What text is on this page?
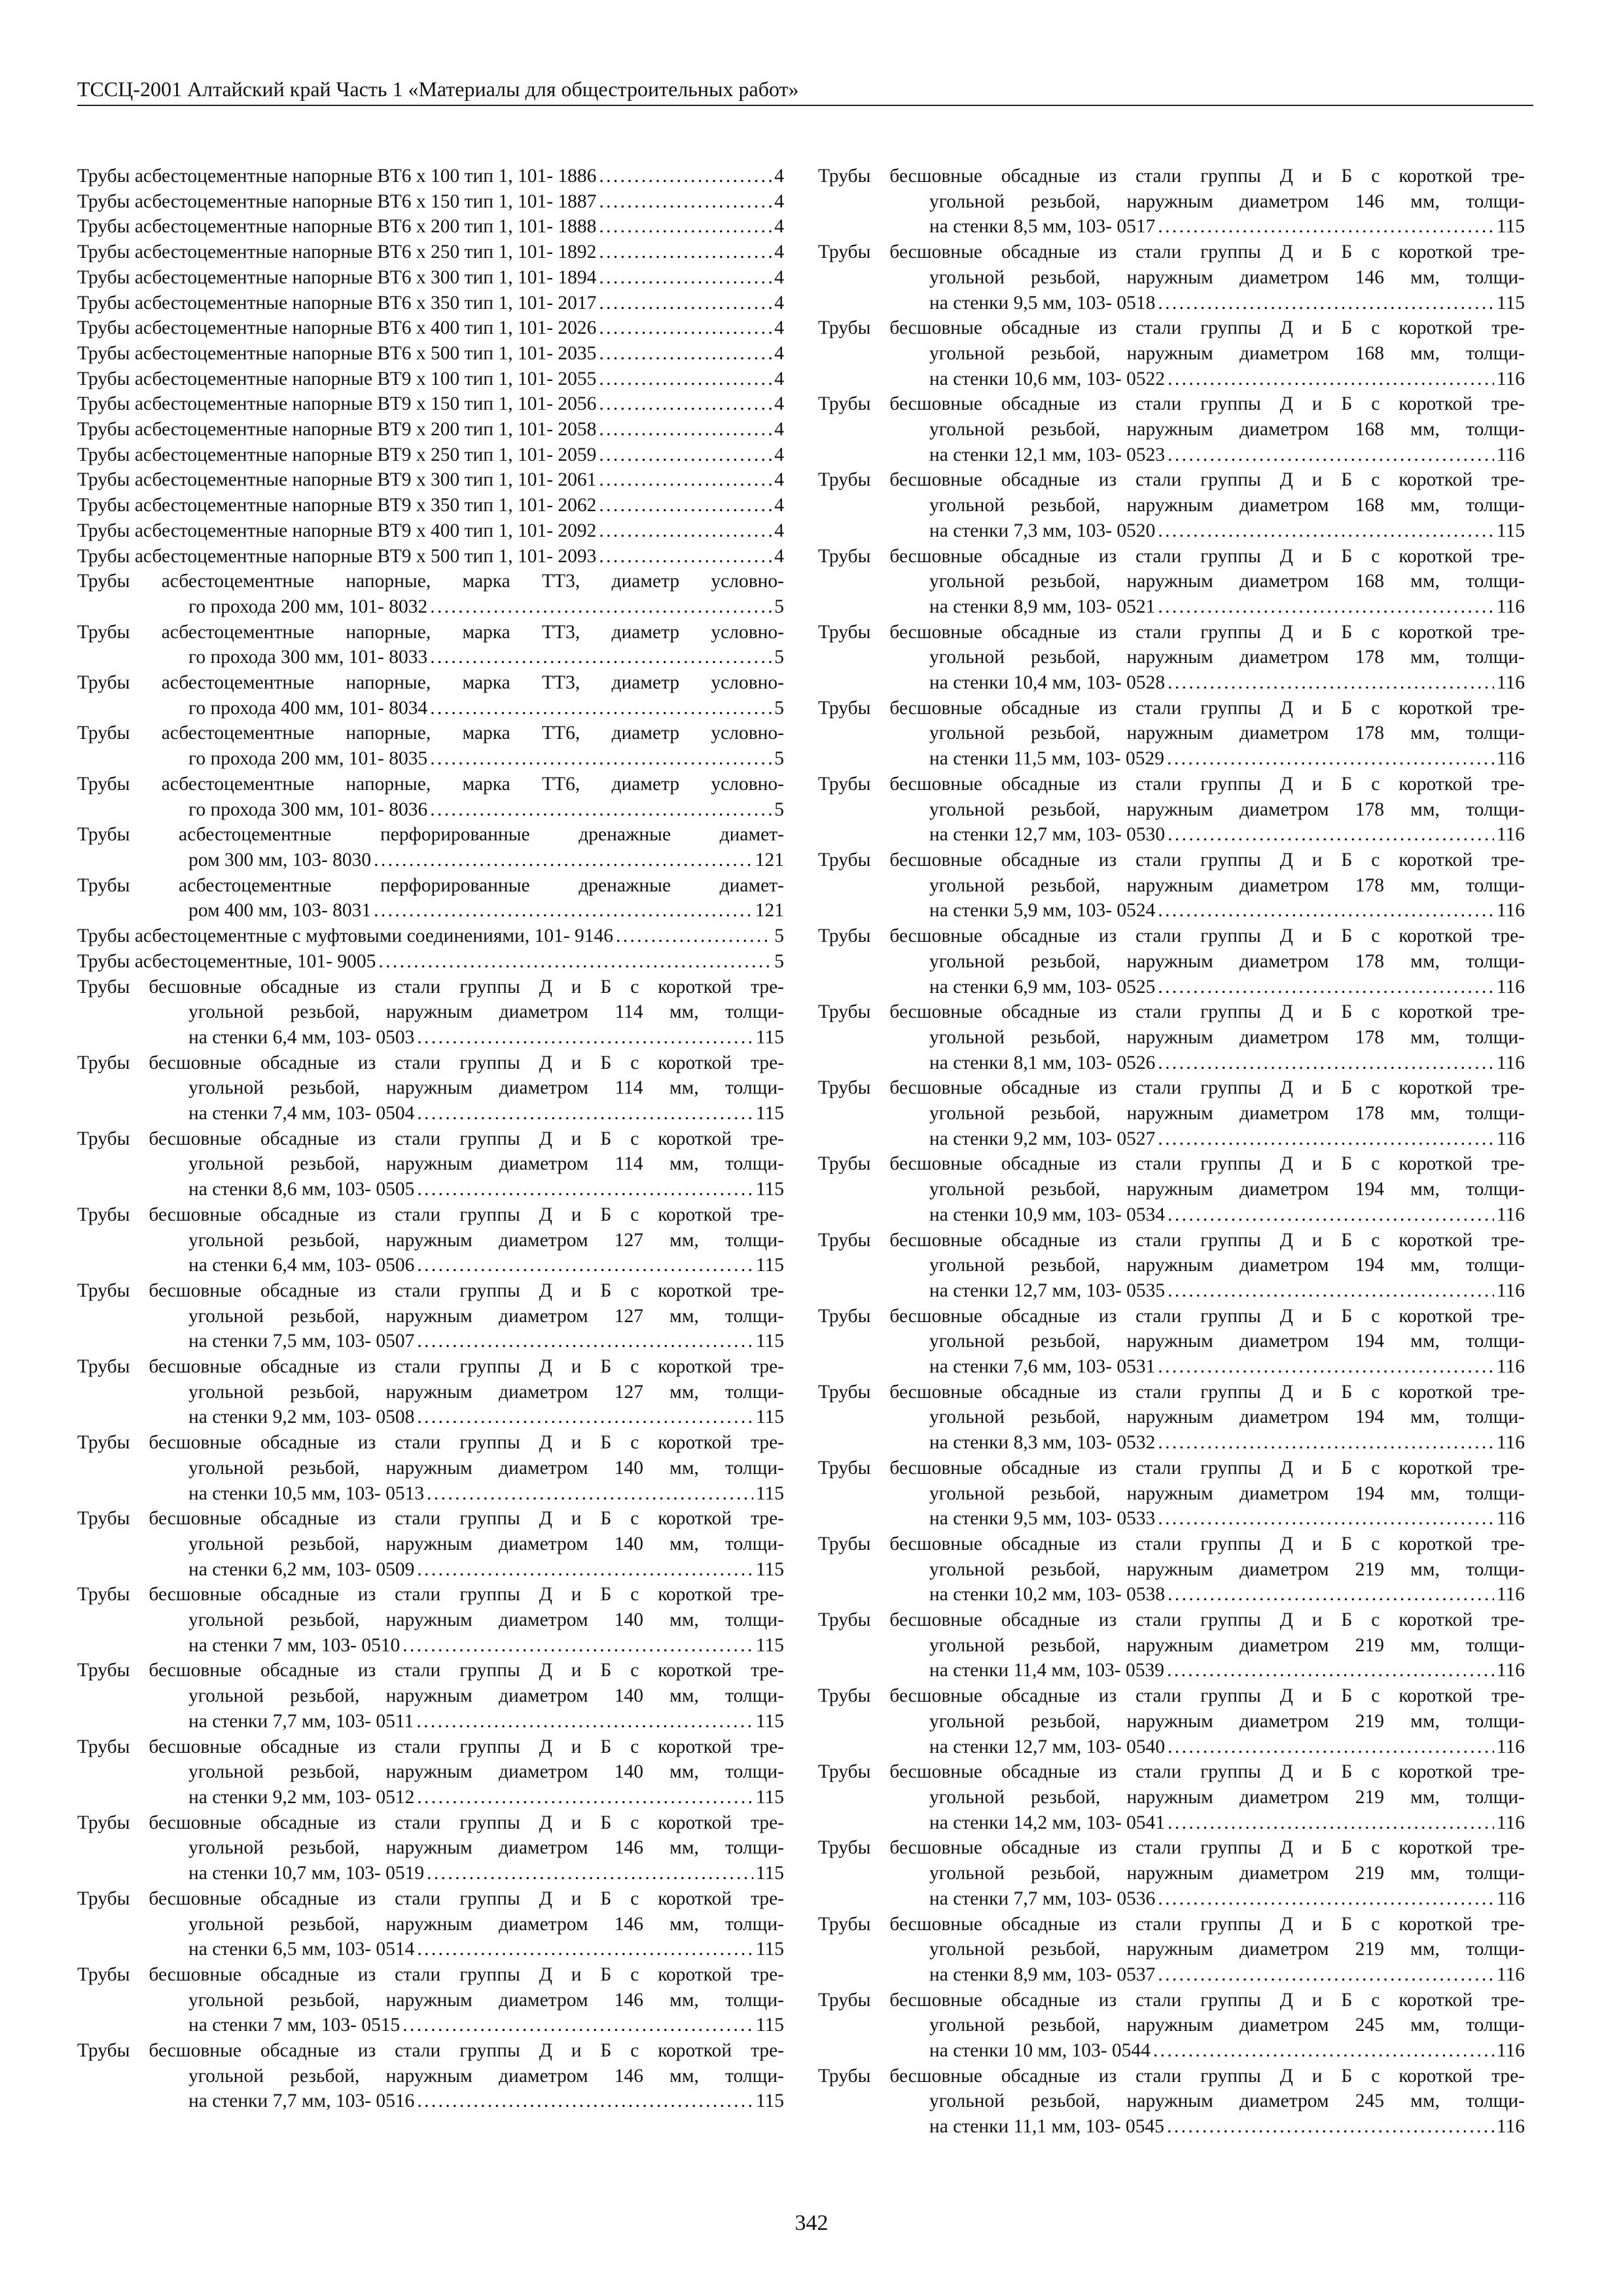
ТССЦ-2001 Алтайский край Часть 1 «Материалы для общестроительных работ»
Трубы асбестоцементные напорные ВТ6 х 100 тип 1, 101- 1886 . . .	4
Трубы асбестоцементные напорные ВТ6 х 150 тип 1, 101- 1887 . . .	4
Трубы асбестоцементные напорные ВТ6 х 200 тип 1, 101- 1888 . . .	4
Трубы асбестоцементные напорные ВТ6 х 250 тип 1, 101- 1892 . . .	4
Трубы асбестоцементные напорные ВТ6 х 300 тип 1, 101- 1894 . . .	4
Трубы асбестоцементные напорные ВТ6 х 350 тип 1, 101- 2017 . . .	4
Трубы асбестоцементные напорные ВТ6 х 400 тип 1, 101- 2026 . . .	4
Трубы асбестоцементные напорные ВТ6 х 500 тип 1, 101- 2035 . . .	4
Трубы асбестоцементные напорные ВТ9 х 100 тип 1, 101- 2055 . . .	4
Трубы асбестоцементные напорные ВТ9 х 150 тип 1, 101- 2056 . . .	4
Трубы асбестоцементные напорные ВТ9 х 200 тип 1, 101- 2058 . . .	4
Трубы асбестоцементные напорные ВТ9 х 250 тип 1, 101- 2059 . . .	4
Трубы асбестоцементные напорные ВТ9 х 300 тип 1, 101- 2061 . . .	4
Трубы асбестоцементные напорные ВТ9 х 350 тип 1, 101- 2062 . . .	4
Трубы асбестоцементные напорные ВТ9 х 400 тип 1, 101- 2092 . . .	4
Трубы асбестоцементные напорные ВТ9 х 500 тип 1, 101- 2093 . . .	4
Трубы асбестоцементные напорные, марка ТТ3, диаметр условно-
го прохода 200 мм, 101- 8032 . . .	5
Трубы асбестоцементные напорные, марка ТТ3, диаметр условно-
го прохода 300 мм, 101- 8033 . . .	5
Трубы асбестоцементные напорные, марка ТТ3, диаметр условно-
го прохода 400 мм, 101- 8034 . . .	5
Трубы асбестоцементные напорные, марка ТТ6, диаметр условно-
го прохода 200 мм, 101- 8035 . . .	5
Трубы асбестоцементные напорные, марка ТТ6, диаметр условно-
го прохода 300 мм, 101- 8036 . . .	5
Трубы асбестоцементные перфорированные дренажные диамет-
ром 300 мм, 103- 8030 . . .	121
Трубы асбестоцементные перфорированные дренажные диамет-
ром 400 мм, 103- 8031 . . .	121
Трубы асбестоцементные с муфтовыми соединениями, 101- 9146 . . .	5
Трубы асбестоцементные, 101- 9005 . . .	5
Трубы бесшовные обсадные из стали группы Д и Б с короткой тре-
угольной резьбой, наружным диаметром 114 мм, толщи-
на стенки 6,4 мм, 103- 0503 . . .	115
Трубы бесшовные обсадные из стали группы Д и Б с короткой тре-
угольной резьбой, наружным диаметром 114 мм, толщи-
на стенки 7,4 мм, 103- 0504 . . .	115
Трубы бесшовные обсадные из стали группы Д и Б с короткой тре-
угольной резьбой, наружным диаметром 114 мм, толщи-
на стенки 8,6 мм, 103- 0505 . . .	115
Трубы бесшовные обсадные из стали группы Д и Б с короткой тре-
угольной резьбой, наружным диаметром 127 мм, толщи-
на стенки 6,4 мм, 103- 0506 . . .	115
Трубы бесшовные обсадные из стали группы Д и Б с короткой тре-
угольной резьбой, наружным диаметром 127 мм, толщи-
на стенки 7,5 мм, 103- 0507 . . .	115
Трубы бесшовные обсадные из стали группы Д и Б с короткой тре-
угольной резьбой, наружным диаметром 127 мм, толщи-
на стенки 9,2 мм, 103- 0508 . . .	115
Трубы бесшовные обсадные из стали группы Д и Б с короткой тре-
угольной резьбой, наружным диаметром 140 мм, толщи-
на стенки 10,5 мм, 103- 0513 . . .	115
Трубы бесшовные обсадные из стали группы Д и Б с короткой тре-
угольной резьбой, наружным диаметром 140 мм, толщи-
на стенки 6,2 мм, 103- 0509 . . .	115
Трубы бесшовные обсадные из стали группы Д и Б с короткой тре-
угольной резьбой, наружным диаметром 140 мм, толщи-
на стенки 7 мм, 103- 0510 . . .	115
Трубы бесшовные обсадные из стали группы Д и Б с короткой тре-
угольной резьбой, наружным диаметром 140 мм, толщи-
на стенки 7,7 мм, 103- 0511 . . .	115
Трубы бесшовные обсадные из стали группы Д и Б с короткой тре-
угольной резьбой, наружным диаметром 140 мм, толщи-
на стенки 9,2 мм, 103- 0512 . . .	115
Трубы бесшовные обсадные из стали группы Д и Б с короткой тре-
угольной резьбой, наружным диаметром 146 мм, толщи-
на стенки 10,7 мм, 103- 0519 . . .	115
Трубы бесшовные обсадные из стали группы Д и Б с короткой тре-
угольной резьбой, наружным диаметром 146 мм, толщи-
на стенки 6,5 мм, 103- 0514 . . .	115
Трубы бесшовные обсадные из стали группы Д и Б с короткой тре-
угольной резьбой, наружным диаметром 146 мм, толщи-
на стенки 7 мм, 103- 0515 . . .	115
Трубы бесшовные обсадные из стали группы Д и Б с короткой тре-
угольной резьбой, наружным диаметром 146 мм, толщи-
на стенки 7,7 мм, 103- 0516 . . .	115
Трубы бесшовные обсадные из стали группы Д и Б с короткой тре-
угольной резьбой, наружным диаметром 146 мм, толщи-
на стенки 8,5 мм, 103- 0517 . . .	115
Трубы бесшовные обсадные из стали группы Д и Б с короткой тре-
угольной резьбой, наружным диаметром 146 мм, толщи-
на стенки 9,5 мм, 103- 0518 . . .	115
Трубы бесшовные обсадные из стали группы Д и Б с короткой тре-
угольной резьбой, наружным диаметром 168 мм, толщи-
на стенки 10,6 мм, 103- 0522 . . .	116
Трубы бесшовные обсадные из стали группы Д и Б с короткой тре-
угольной резьбой, наружным диаметром 168 мм, толщи-
на стенки 12,1 мм, 103- 0523 . . .	116
Трубы бесшовные обсадные из стали группы Д и Б с короткой тре-
угольной резьбой, наружным диаметром 168 мм, толщи-
на стенки 7,3 мм, 103- 0520 . . .	115
Трубы бесшовные обсадные из стали группы Д и Б с короткой тре-
угольной резьбой, наружным диаметром 168 мм, толщи-
на стенки 8,9 мм, 103- 0521 . . .	116
Трубы бесшовные обсадные из стали группы Д и Б с короткой тре-
угольной резьбой, наружным диаметром 178 мм, толщи-
на стенки 10,4 мм, 103- 0528 . . .	116
Трубы бесшовные обсадные из стали группы Д и Б с короткой тре-
угольной резьбой, наружным диаметром 178 мм, толщи-
на стенки 11,5 мм, 103- 0529 . . .	116
Трубы бесшовные обсадные из стали группы Д и Б с короткой тре-
угольной резьбой, наружным диаметром 178 мм, толщи-
на стенки 12,7 мм, 103- 0530 . . .	116
Трубы бесшовные обсадные из стали группы Д и Б с короткой тре-
угольной резьбой, наружным диаметром 178 мм, толщи-
на стенки 5,9 мм, 103- 0524 . . .	116
Трубы бесшовные обсадные из стали группы Д и Б с короткой тре-
угольной резьбой, наружным диаметром 178 мм, толщи-
на стенки 6,9 мм, 103- 0525 . . .	116
Трубы бесшовные обсадные из стали группы Д и Б с короткой тре-
угольной резьбой, наружным диаметром 178 мм, толщи-
на стенки 8,1 мм, 103- 0526 . . .	116
Трубы бесшовные обсадные из стали группы Д и Б с короткой тре-
угольной резьбой, наружным диаметром 178 мм, толщи-
на стенки 9,2 мм, 103- 0527 . . .	116
Трубы бесшовные обсадные из стали группы Д и Б с короткой тре-
угольной резьбой, наружным диаметром 194 мм, толщи-
на стенки 10,9 мм, 103- 0534 . . .	116
Трубы бесшовные обсадные из стали группы Д и Б с короткой тре-
угольной резьбой, наружным диаметром 194 мм, толщи-
на стенки 12,7 мм, 103- 0535 . . .	116
Трубы бесшовные обсадные из стали группы Д и Б с короткой тре-
угольной резьбой, наружным диаметром 194 мм, толщи-
на стенки 7,6 мм, 103- 0531 . . .	116
Трубы бесшовные обсадные из стали группы Д и Б с короткой тре-
угольной резьбой, наружным диаметром 194 мм, толщи-
на стенки 8,3 мм, 103- 0532 . . .	116
Трубы бесшовные обсадные из стали группы Д и Б с короткой тре-
угольной резьбой, наружным диаметром 194 мм, толщи-
на стенки 9,5 мм, 103- 0533 . . .	116
Трубы бесшовные обсадные из стали группы Д и Б с короткой тре-
угольной резьбой, наружным диаметром 219 мм, толщи-
на стенки 10,2 мм, 103- 0538 . . .	116
Трубы бесшовные обсадные из стали группы Д и Б с короткой тре-
угольной резьбой, наружным диаметром 219 мм, толщи-
на стенки 11,4 мм, 103- 0539 . . .	116
Трубы бесшовные обсадные из стали группы Д и Б с короткой тре-
угольной резьбой, наружным диаметром 219 мм, толщи-
на стенки 12,7 мм, 103- 0540 . . .	116
Трубы бесшовные обсадные из стали группы Д и Б с короткой тре-
угольной резьбой, наружным диаметром 219 мм, толщи-
на стенки 14,2 мм, 103- 0541 . . .	116
Трубы бесшовные обсадные из стали группы Д и Б с короткой тре-
угольной резьбой, наружным диаметром 219 мм, толщи-
на стенки 7,7 мм, 103- 0536 . . .	116
Трубы бесшовные обсадные из стали группы Д и Б с короткой тре-
угольной резьбой, наружным диаметром 219 мм, толщи-
на стенки 8,9 мм, 103- 0537 . . .	116
Трубы бесшовные обсадные из стали группы Д и Б с короткой тре-
угольной резьбой, наружным диаметром 245 мм, толщи-
на стенки 10 мм, 103- 0544 . . .	116
Трубы бесшовные обсадные из стали группы Д и Б с короткой тре-
угольной резьбой, наружным диаметром 245 мм, толщи-
на стенки 11,1 мм, 103- 0545 . . .	116
342
